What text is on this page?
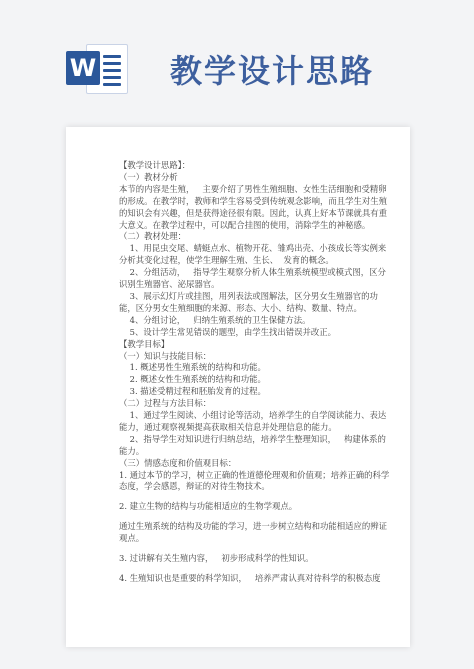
W 教学设计思路

【教学设计思路】：

（一）教材分析

本节的内容是生殖，   主要介绍了男性生殖细胞、女性生活细胞和受精卵的形成。在教学时，教师和学生容易受到传统观念影响，而且学生对生殖的知识会有兴趣，但是获得途径很有限。因此，认真上好本节课就具有重大意义。在教学过程中，可以配合挂图的使用，消除学生的神秘感。

（二）教材处理：

1、用昆虫交尾、蜻蜓点水、植物开花、雏鸡出壳、小孩成长等实例来分析其变化过程，使学生理解生殖、生长、  发育的概念。

2、分组活动，   指导学生观察分析人体生殖系统模型或模式图，区分识别生殖器官、泌尿器官。

3、展示幻灯片或挂图，用列表法或图解法，区分男女生殖器官的功能，区分男女生殖细胞的来源、形态、大小、结构、数量、特点。

4、分组讨论，   归纳生殖系统的卫生保健方法。

5、设计学生常见错误的题型，由学生找出错误并改正。

【教学目标】

（一）知识与技能目标：

1. 概述男性生殖系统的结构和功能。

2. 概述女性生殖系统的结构和功能。

3. 描述受精过程和胚胎发育的过程。

（二）过程与方法目标：

1、通过学生阅读、小组讨论等活动，培养学生的自学阅读能力、表达能力，通过观察视频提高获取相关信息并处理信息的能力。

2、指导学生对知识进行归纳总结，培养学生整理知识，   构建体系的能力。

（三）情感态度和价值观目标：

1. 通过本节的学习，树立正确的性道德伦理观和价值观；培养正确的科学态度，学会感恩，辩证的对待生物技术。

2. 建立生物的结构与功能相适应的生物学观点。

通过生殖系统的结构及功能的学习，进一步树立结构和功能相适应的辨证观点。

3. 过讲解有关生殖内容，   初步形成科学的性知识。

4. 生殖知识也是重要的科学知识，   培养严肃认真对待科学的积极态度
